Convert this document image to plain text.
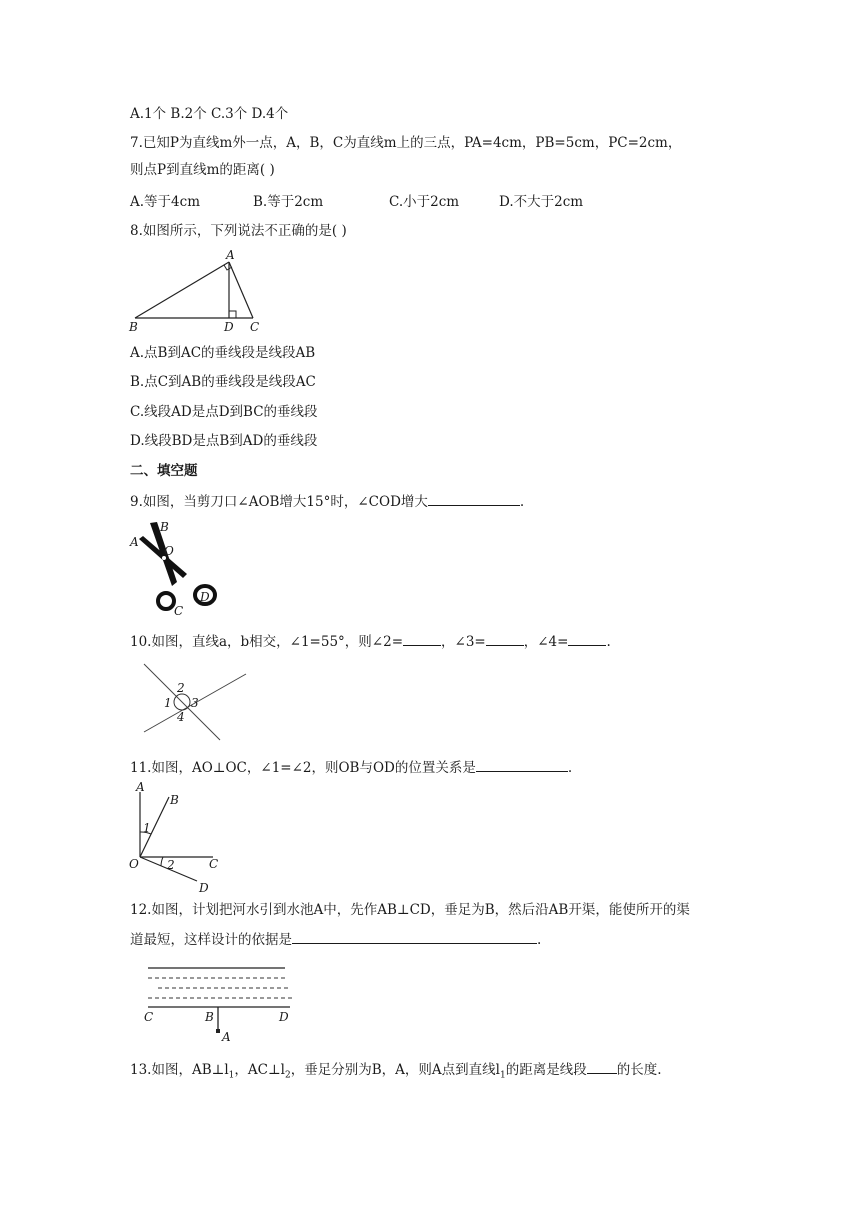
A.1个 B.2个 C.3个 D.4个
7.已知P为直线m外一点，A，B，C为直线m上的三点，PA=4cm，PB=5cm，PC=2cm，
则点P到直线m的距离( )
A.等于4cm	B.等于2cm	C.小于2cm	D.不大于2cm
8.如图所示，下列说法不正确的是( )
A
B	D C
A.点B到AC的垂线段是线段AB
B.点C到AB的垂线段是线段AC
C.线段AD是点D到BC的垂线段
D.线段BD是点B到AD的垂线段
二、填空题
9.如图，当剪刀口∠AOB增大15°时，∠COD增大	.
B
A
O
C
D
10.如图，直线a，b相交，∠1=55°，则∠2=	，∠3=	，∠4=	.
2
1 3
4
11.如图，AO⊥OC，∠1=∠2，则OB与OD的位置关系是	.
A
B
1
O 2	C
D
12.如图，计划把河水引到水池A中，先作AB⊥CD，垂足为B，然后沿AB开渠，能使所开的渠
道最短，这样设计的依据是	.
C	B	D
A
13.如图，$AB\perp l_1$，$AC\perp l_2$，垂足分别为B，A，则A点到直线$l_1$的距离是线段 的长度.
